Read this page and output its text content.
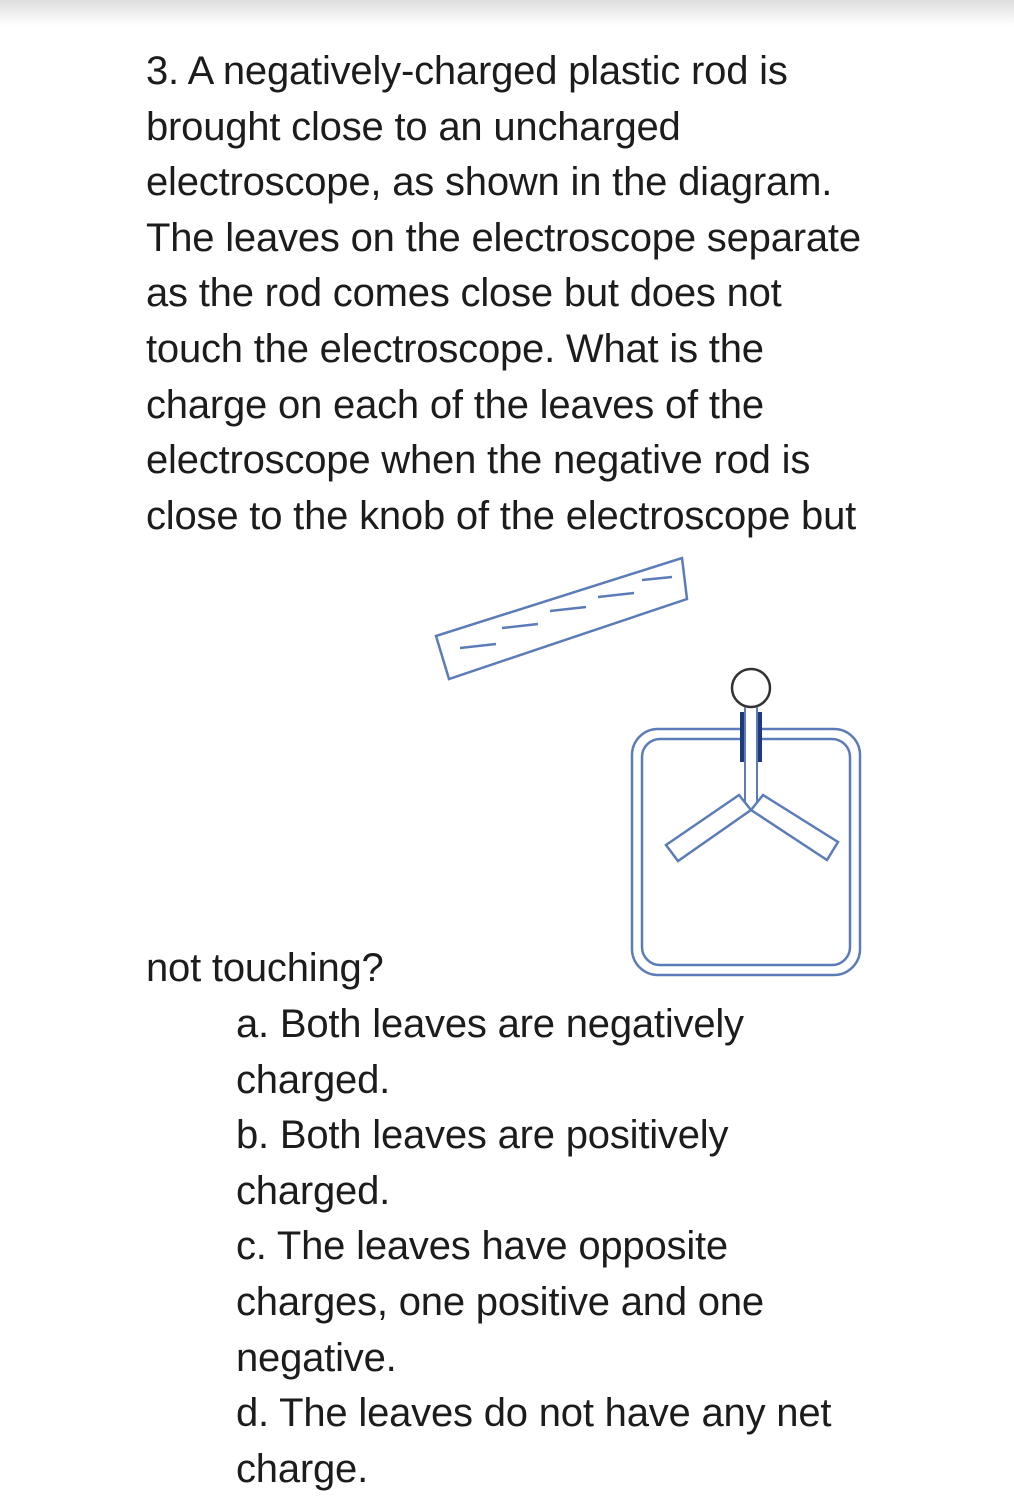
3. A negatively-charged plastic rod is
brought close to an uncharged
electroscope, as shown in the diagram.
The leaves on the electroscope separate
as the rod comes close but does not
touch the electroscope. What is the
charge on each of the leaves of the
electroscope when the negative rod is
close to the knob of the electroscope but
not touching?
a. Both leaves are negatively
charged.
b. Both leaves are positively
charged.
c. The leaves have opposite
charges, one positive and one
negative.
d. The leaves do not have any net
charge.
